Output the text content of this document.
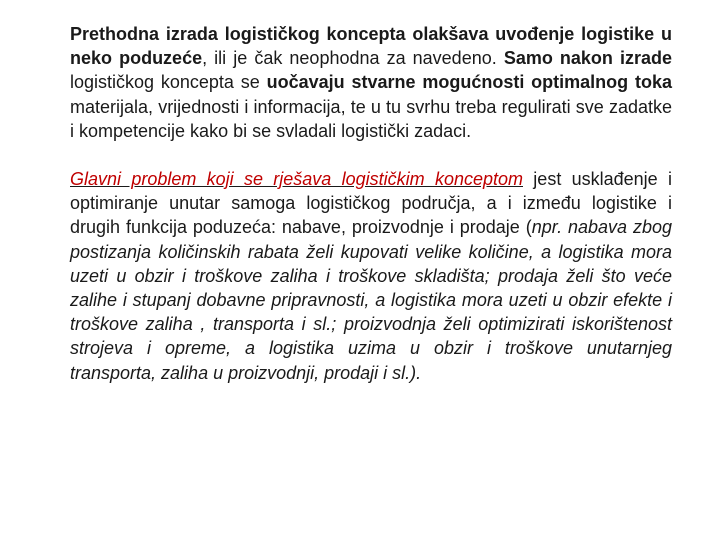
Prethodna izrada logističkog koncepta olakšava uvođenje logistike u neko poduzeće, ili je čak neophodna za navedeno. Samo nakon izrade logističkog koncepta se uočavaju stvarne mogućnosti optimalnog toka materijala, vrijednosti i informacija, te u tu svrhu treba regulirati sve zadatke i kompetencije kako bi se svladali logistički zadaci.

Glavni problem koji se rješava logističkim konceptom jest usklađenje i optimiranje unutar samoga logističkog područja, a i između logistike i drugih funkcija poduzeća: nabave, proizvodnje i prodaje (npr. nabava zbog postizanja količinskih rabata želi kupovati velike količine, a logistika mora uzeti u obzir i troškove zaliha i troškove skladišta; prodaja želi što veće zalihe i stupanj dobavne pripravnosti, a logistika mora uzeti u obzir efekte i troškove zaliha , transporta i sl.; proizvodnja želi optimizirati iskorištenost strojeva i opreme, a logistika uzima u obzir i troškove unutarnjeg transporta, zaliha u proizvodnji, prodaji i sl.).
